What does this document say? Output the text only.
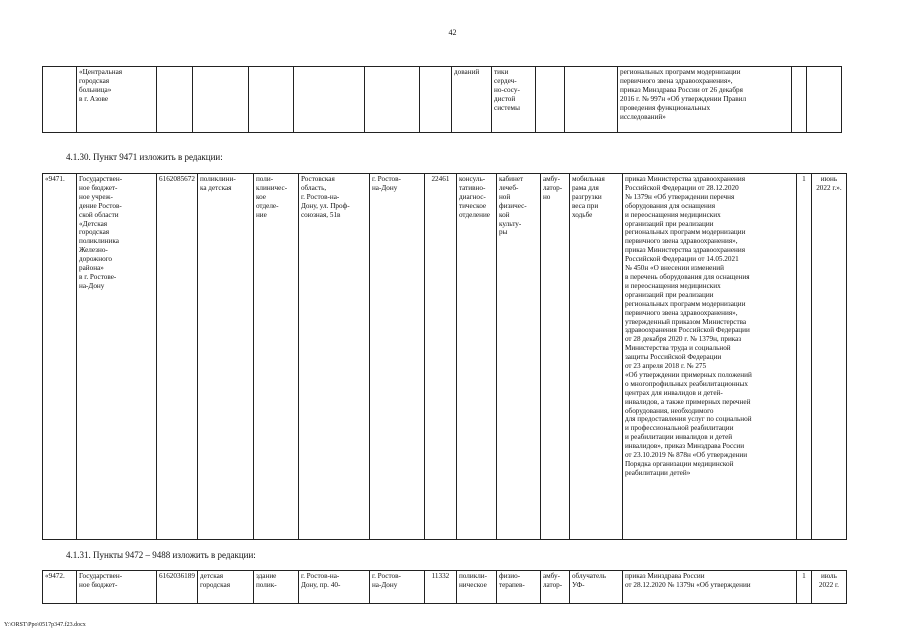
42
	«Центральная
городская
больница»
в г. Азове							дований	тики
сердеч-
но-сосу-
дистой
системы			региональных программ модернизации
первичного звена здравоохранения»,
приказ Минздрава России от 26 декабря
2016 г. № 997н «Об утверждении Правил
проведения функциональных
исследований»		
4.1.30. Пункт 9471 изложить в редакции:
«9471.	Государствен-
ное бюджет-
ное учреж-
дение Ростов-
ской области
«Детская
городская
поликлиника
Железно-
дорожного
района»
в г. Ростове-
на-Дону	6162085672	поликлини-
ка детская	поли-
клиничес-
кое
отделе-
ние	Ростовская
область,
г. Ростов-на-
Дону, ул. Проф-
союзная, 51в	г. Ростов-
на-Дону	22461	консуль-
тативно-
диагнос-
тическое
отделение	кабинет
лечеб-
ной
физичес-
кой
культу-
ры	амбу-
латор-
но	мобильная
рама для
разгрузки
веса при
ходьбе	приказ Министерства здравоохранения
Российской Федерации от 28.12.2020
№ 1379н «Об утверждении перечня
оборудования для оснащения
и переоснащения медицинских
организаций при реализации
региональных программ модернизации
первичного звена здравоохранения»,
приказ Министерства здравоохранения
Российской Федерации от 14.05.2021
№ 450н «О внесении изменений
в перечень оборудования для оснащения
и переоснащения медицинских
организаций при реализации
региональных программ модернизации
первичного звена здравоохранения»,
утвержденный приказом Министерства
здравоохранения Российской Федерации
от 28 декабря 2020 г. № 1379н, приказ
Министерства труда и социальной
защиты Российской Федерации
от 23 апреля 2018 г. № 275
«Об утверждении примерных положений
о многопрофильных реабилитационных
центрах для инвалидов и детей-
инвалидов, а также примерных перечней
оборудования, необходимого
для предоставления услуг по социальной
и профессиональной реабилитации
и реабилитации инвалидов и детей
инвалидов», приказ Минздрава России
от 23.10.2019 № 878н «Об утверждении
Порядка организации медицинской
реабилитации детей»	1	июнь
2022 г.».
4.1.31. Пункты 9472 – 9488 изложить в редакции:
«9472.	Государствен-
ное бюджет-	6162036189	детская
городская	здание
полик-	г. Ростов-на-
Дону, пр. 40-	г. Ростов-
на-Дону	11332	поликли-
ническое	физио-
терапев-	амбу-
латор-	облучатель
УФ-	приказ Минздрава России
от 28.12.2020 № 1379н «Об утверждении	1	июль
2022 г.
Y:\ORST\Ppo\0517p347.f23.docx
